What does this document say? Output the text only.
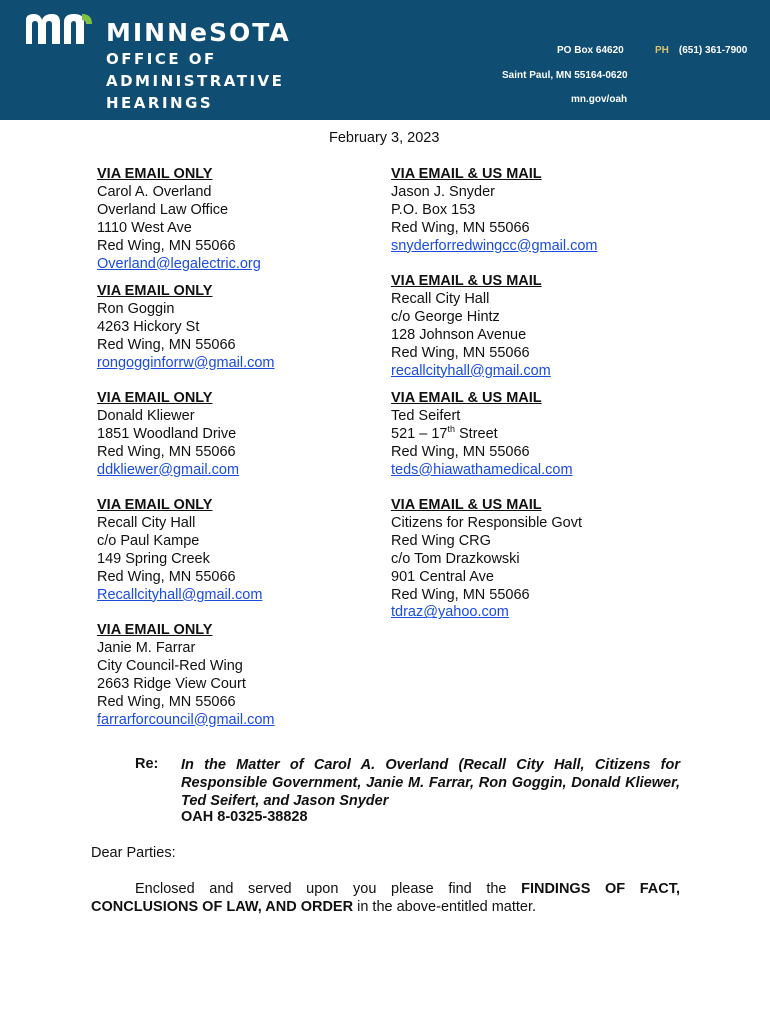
MINNeSOTA
OFFICE OF
ADMINISTRATIVE
HEARINGS
PO Box 64620	PH (651) 361-7900
Saint Paul, MN 55164-0620
mn.gov/oah
February 3, 2023
VIA EMAIL ONLY
Carol A. Overland
Overland Law Office
1110 West Ave
Red Wing, MN 55066
Overland@legalectric.org
VIA EMAIL ONLY
Ron Goggin
4263 Hickory St
Red Wing, MN 55066
rongogginforrw@gmail.com
VIA EMAIL ONLY
Donald Kliewer
1851 Woodland Drive
Red Wing, MN 55066
ddkliewer@gmail.com
VIA EMAIL ONLY
Recall City Hall
c/o Paul Kampe
149 Spring Creek
Red Wing, MN 55066
Recallcityhall@gmail.com
VIA EMAIL ONLY
Janie M. Farrar
City Council-Red Wing
2663 Ridge View Court
Red Wing, MN 55066
farrarforcouncil@gmail.com
VIA EMAIL & US MAIL
Jason J. Snyder
P.O. Box 153
Red Wing, MN 55066
snyderforredwingcc@gmail.com
VIA EMAIL & US MAIL
Recall City Hall
c/o George Hintz
128 Johnson Avenue
Red Wing, MN 55066
recallcityhall@gmail.com
VIA EMAIL & US MAIL
Ted Seifert
521 – 17th Street
Red Wing, MN 55066
teds@hiawathamedical.com
VIA EMAIL & US MAIL
Citizens for Responsible Govt
Red Wing CRG
c/o Tom Drazkowski
901 Central Ave
Red Wing, MN 55066
tdraz@yahoo.com
Re: In the Matter of Carol A. Overland (Recall City Hall, Citizens for Responsible Government, Janie M. Farrar, Ron Goggin, Donald Kliewer, Ted Seifert, and Jason Snyder
OAH 8-0325-38828
Dear Parties:
Enclosed and served upon you please find the FINDINGS OF FACT, CONCLUSIONS OF LAW, AND ORDER in the above-entitled matter.
